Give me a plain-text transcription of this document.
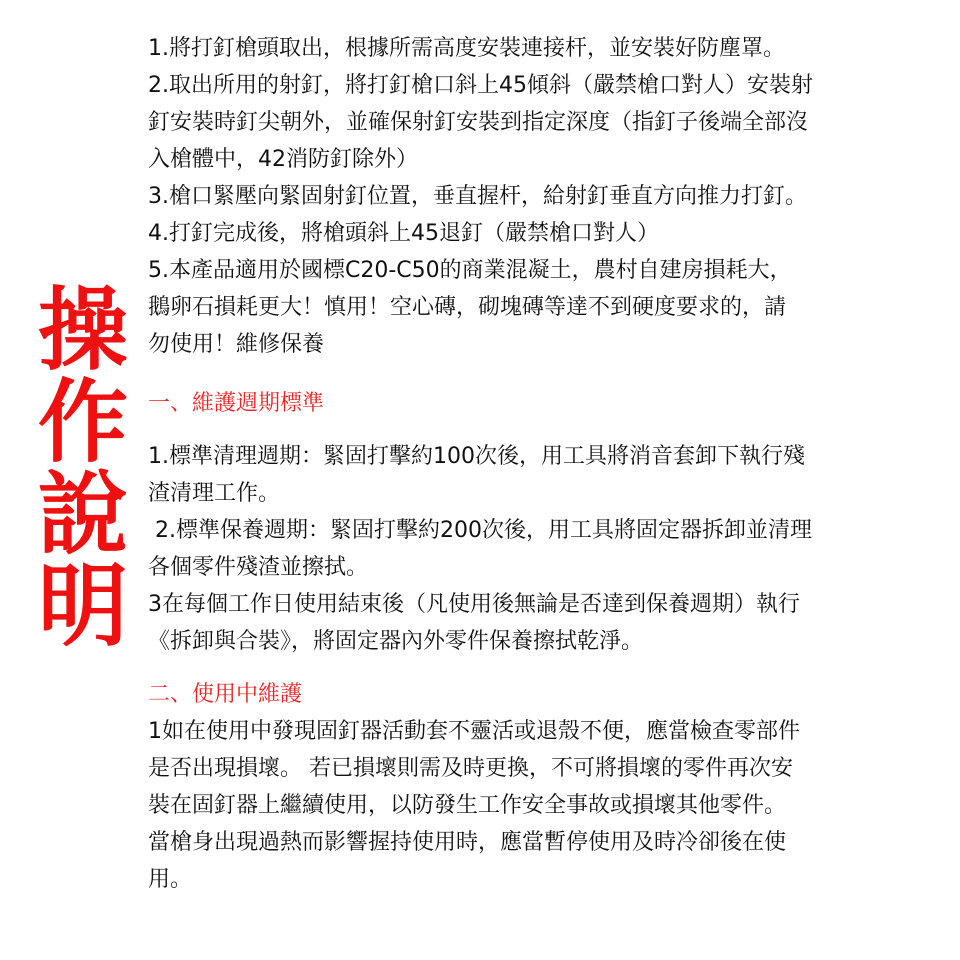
操
作
說
明
1.將打釘槍頭取出，根據所需高度安裝連接杆，並安裝好防塵罩。
2.取出所用的射釘，將打釘槍口斜上45傾斜（嚴禁槍口對人）安裝射
釘安裝時釘尖朝外，並確保射釘安裝到指定深度（指釘子後端全部沒
入槍體中，42消防釘除外）
3.槍口緊壓向緊固射釘位置，垂直握杆，給射釘垂直方向推力打釘。
4.打釘完成後，將槍頭斜上45退釘（嚴禁槍口對人）
5.本產品適用於國標C20-C50的商業混凝土，農村自建房損耗大，
鵝卵石損耗更大！慎用！空心磚，砌塊磚等達不到硬度要求的，請
勿使用！維修保養
一、維護週期標準
1.標準清理週期：緊固打擊約100次後，用工具將消音套卸下執行殘
渣清理工作。
2.標準保養週期：緊固打擊約200次後，用工具將固定器拆卸並清理
各個零件殘渣並擦拭。
3在每個工作日使用結束後（凡使用後無論是否達到保養週期）執行
《拆卸與合裝》，將固定器內外零件保養擦拭乾淨。
二、使用中維護
1如在使用中發現固釘器活動套不靈活或退殼不便，應當檢查零部件
是否出現損壞。 若已損壞則需及時更換，不可將損壞的零件再次安
裝在固釘器上繼續使用，以防發生工作安全事故或損壞其他零件。
當槍身出現過熱而影響握持使用時，應當暫停使用及時冷卻後在使
用。
